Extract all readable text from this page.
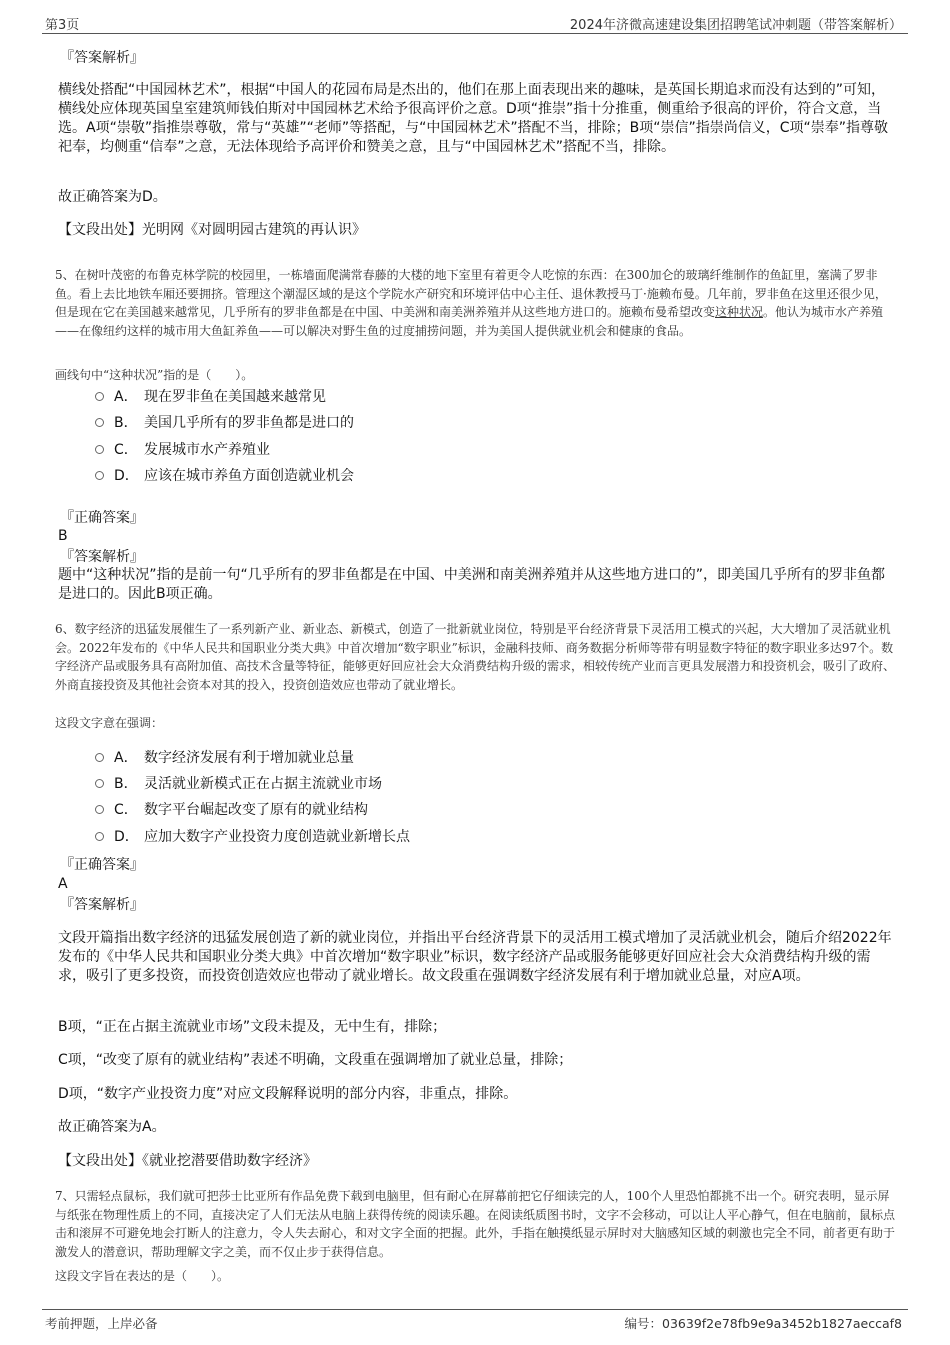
第3页	2024年济微高速建设集团招聘笔试冲刺题（带答案解析）
『答案解析』
横线处搭配“中国园林艺术”，根据“中国人的花园布局是杰出的，他们在那上面表现出来的趣味，是英国长期追求而没有达到的”可知，横线处应体现英国皇室建筑师钱伯斯对中国园林艺术给予很高评价之意。D项“推崇”指十分推重，侧重给予很高的评价，符合文意，当选。A项“崇敬”指推崇尊敬，常与“英雄”“老师”等搭配，与“中国园林艺术”搭配不当，排除；B项“崇信”指崇尚信义，C项“崇奉”指尊敬祀奉，均侧重“信奉”之意，无法体现给予高评价和赞美之意，且与“中国园林艺术”搭配不当，排除。
故正确答案为D。
【文段出处】光明网《对圆明园古建筑的再认识》
5、在树叶茂密的布鲁克林学院的校园里，一栋墙面爬满常春藤的大楼的地下室里有着更令人吃惊的东西：在300加仑的玻璃纤维制作的鱼缸里，塞满了罗非鱼。看上去比地铁车厢还要拥挤。管理这个潮湿区域的是这个学院水产研究和环境评估中心主任、退休教授马丁·施赖布曼。几年前，罗非鱼在这里还很少见，但是现在它在美国越来越常见，几乎所有的罗非鱼都是在中国、中美洲和南美洲养殖并从这些地方进口的。施赖布曼希望改变这种状况。他认为城市水产养殖——在像纽约这样的城市用大鱼缸养鱼——可以解决对野生鱼的过度捕捞问题，并为美国人提供就业机会和健康的食品。
画线句中“这种状况”指的是（　　）。
A． 现在罗非鱼在美国越来越常见
B． 美国几乎所有的罗非鱼都是进口的
C． 发展城市水产养殖业
D． 应该在城市养鱼方面创造就业机会
『正确答案』
B
『答案解析』
题中“这种状况”指的是前一句“几乎所有的罗非鱼都是在中国、中美洲和南美洲养殖并从这些地方进口的”，即美国几乎所有的罗非鱼都是进口的。因此B项正确。
6、数字经济的迅猛发展催生了一系列新产业、新业态、新模式，创造了一批新就业岗位，特别是平台经济背景下灵活用工模式的兴起，大大增加了灵活就业机会。2022年发布的《中华人民共和国职业分类大典》中首次增加“数字职业”标识，金融科技师、商务数据分析师等带有明显数字特征的数字职业多达97个。数字经济产品或服务具有高附加值、高技术含量等特征，能够更好回应社会大众消费结构升级的需求，相较传统产业而言更具发展潜力和投资机会，吸引了政府、外商直接投资及其他社会资本对其的投入，投资创造效应也带动了就业增长。
这段文字意在强调：
A． 数字经济发展有利于增加就业总量
B． 灵活就业新模式正在占据主流就业市场
C． 数字平台崛起改变了原有的就业结构
D． 应加大数字产业投资力度创造就业新增长点
『正确答案』
A
『答案解析』
文段开篇指出数字经济的迅猛发展创造了新的就业岗位，并指出平台经济背景下的灵活用工模式增加了灵活就业机会，随后介绍2022年发布的《中华人民共和国职业分类大典》中首次增加“数字职业”标识，数字经济产品或服务能够更好回应社会大众消费结构升级的需求，吸引了更多投资，而投资创造效应也带动了就业增长。故文段重在强调数字经济发展有利于增加就业总量，对应A项。
B项，“正在占据主流就业市场”文段未提及，无中生有，排除；
C项，“改变了原有的就业结构”表述不明确，文段重在强调增加了就业总量，排除；
D项，“数字产业投资力度”对应文段解释说明的部分内容，非重点，排除。
故正确答案为A。
【文段出处】《就业挖潜要借助数字经济》
7、只需轻点鼠标，我们就可把莎士比亚所有作品免费下载到电脑里，但有耐心在屏幕前把它仔细读完的人，100个人里恐怕都挑不出一个。研究表明，显示屏与纸张在物理性质上的不同，直接决定了人们无法从电脑上获得传统的阅读乐趣。在阅读纸质图书时，文字不会移动，可以让人平心静气，但在电脑前，鼠标点击和滚屏不可避免地会打断人的注意力，令人失去耐心，和对文字全面的把握。此外，手指在触摸纸显示屏时对大脑感知区域的刺激也完全不同，前者更有助于激发人的潜意识，帮助理解文字之美，而不仅止步于获得信息。
这段文字旨在表达的是（　　）。
考前押题，上岸必备	编号：03639f2e78fb9e9a3452b1827aeccaf8
